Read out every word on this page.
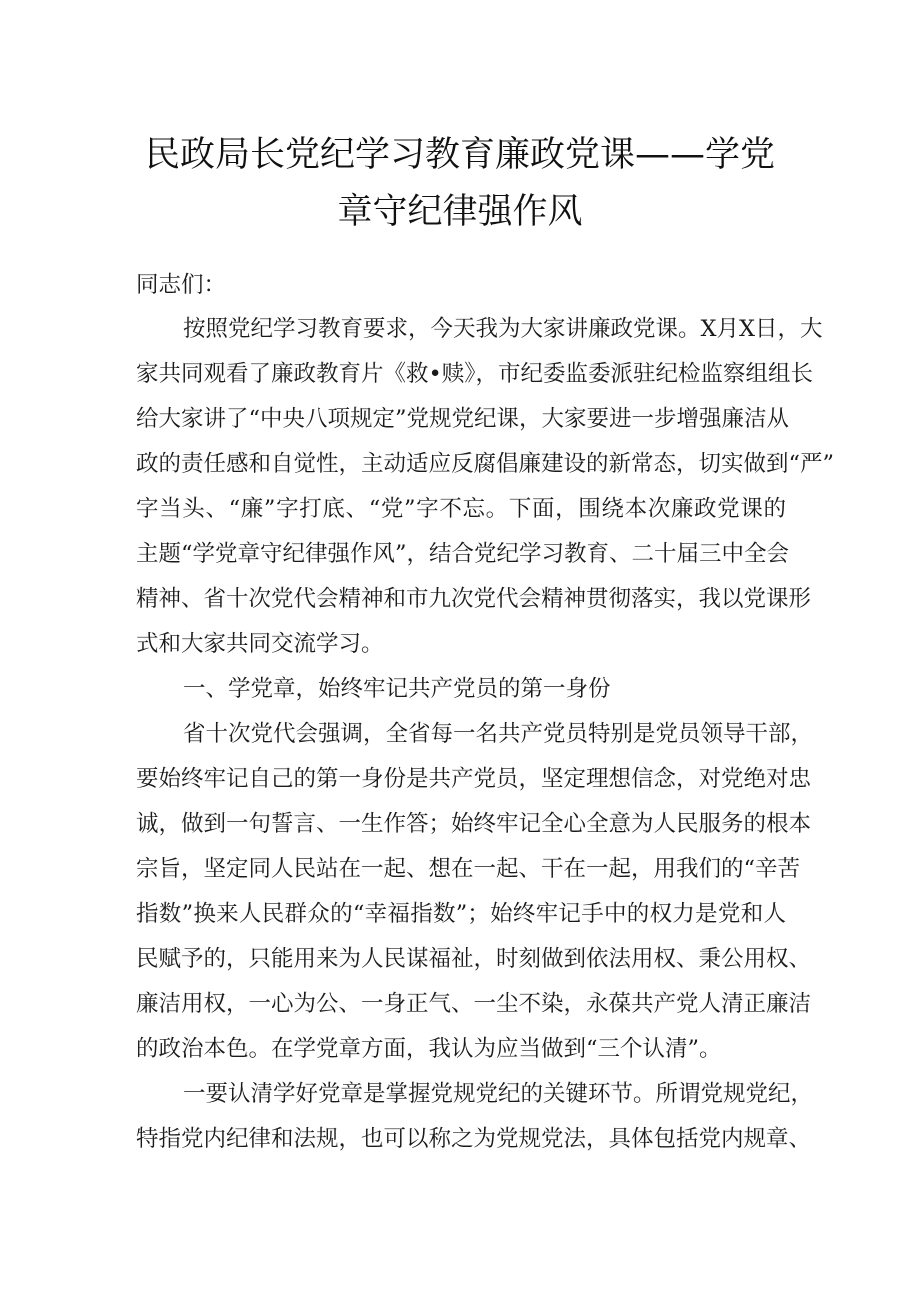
民政局长党纪学习教育廉政党课——学党
章守纪律强作风
同志们：
按照党纪学习教育要求，今天我为大家讲廉政党课。X月X日，大
家共同观看了廉政教育片《救•赎》，市纪委监委派驻纪检监察组组长
给大家讲了“中央八项规定”党规党纪课，大家要进一步增强廉洁从
政的责任感和自觉性，主动适应反腐倡廉建设的新常态，切实做到“严”
字当头、“廉”字打底、“党”字不忘。下面，围绕本次廉政党课的
主题“学党章守纪律强作风”，结合党纪学习教育、二十届三中全会
精神、省十次党代会精神和市九次党代会精神贯彻落实，我以党课形
式和大家共同交流学习。
一、学党章，始终牢记共产党员的第一身份
省十次党代会强调，全省每一名共产党员特别是党员领导干部，
要始终牢记自己的第一身份是共产党员，坚定理想信念，对党绝对忠
诚，做到一句誓言、一生作答；始终牢记全心全意为人民服务的根本
宗旨，坚定同人民站在一起、想在一起、干在一起，用我们的“辛苦
指数”换来人民群众的“幸福指数”；始终牢记手中的权力是党和人
民赋予的，只能用来为人民谋福祉，时刻做到依法用权、秉公用权、
廉洁用权，一心为公、一身正气、一尘不染，永葆共产党人清正廉洁
的政治本色。在学党章方面，我认为应当做到“三个认清”。
一要认清学好党章是掌握党规党纪的关键环节。所谓党规党纪，
特指党内纪律和法规，也可以称之为党规党法，具体包括党内规章、
